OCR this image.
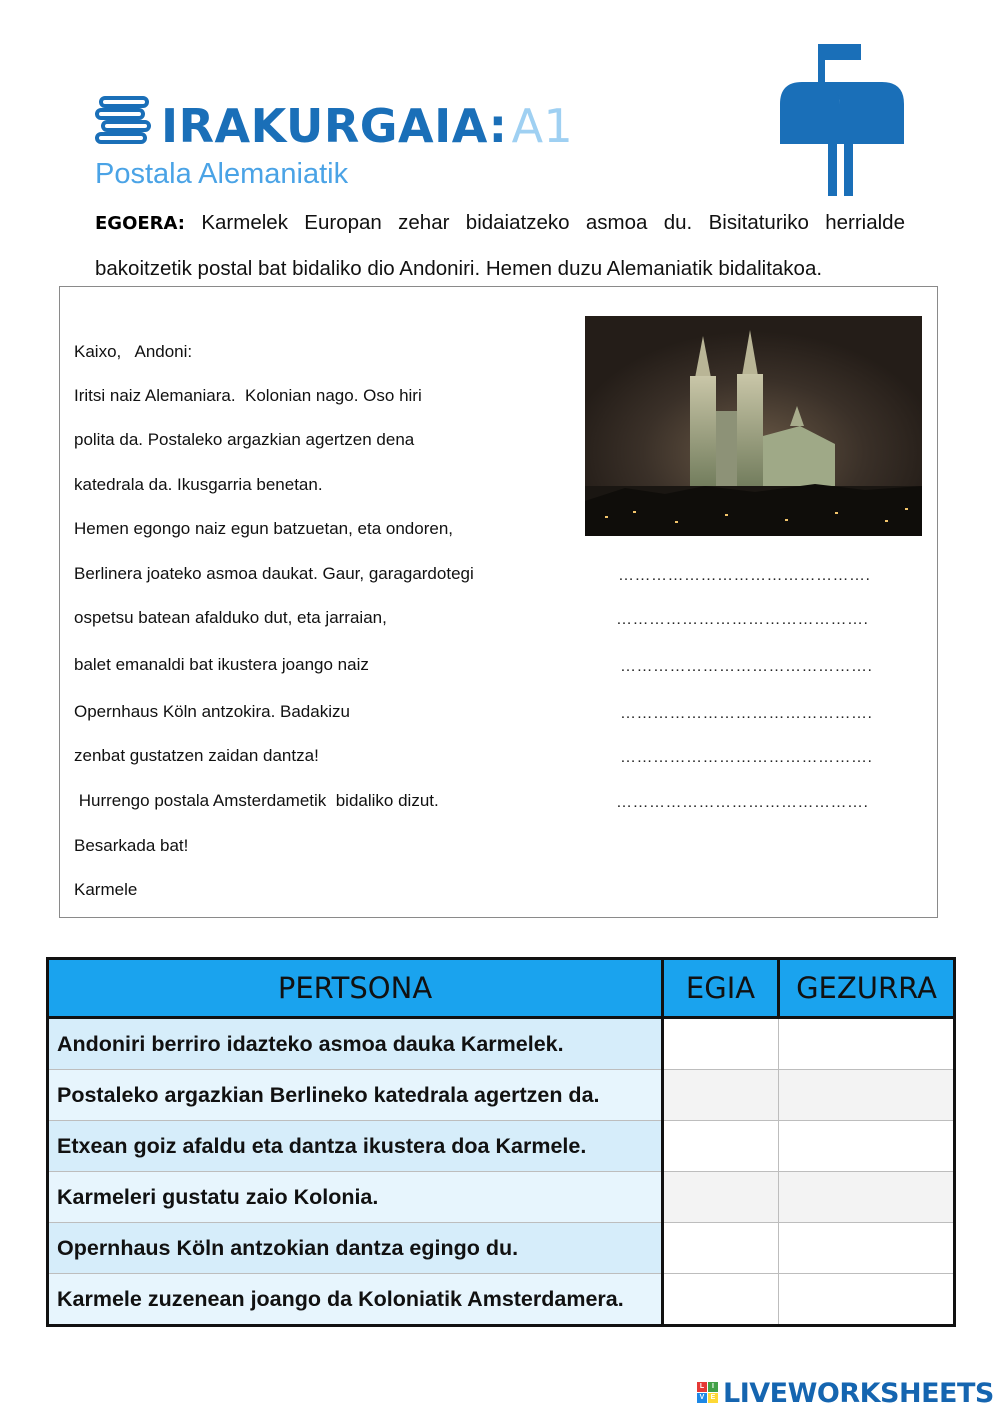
IRAKURGAIA:A1
Postala Alemaniatik
EGOERA: Karmelek Europan zehar bidaiatzeko asmoa du. Bisitaturiko herrialde bakoitzetik postal bat bidaliko dio Andoniri. Hemen duzu Alemaniatik bidalitakoa.
Kaixo,   Andoni:
Iritsi naiz Alemaniara.  Kolonian nago. Oso hiri
polita da. Postaleko argazkian agertzen dena
katedrala da. Ikusgarria benetan.
Hemen egongo naiz egun batzuetan, eta ondoren,
Berlinera joateko asmoa daukat. Gaur, garagardotegi
ospetsu batean afalduko dut, eta jarraian,
balet emanaldi bat ikustera joango naiz
Opernhaus Köln antzokira. Badakizu
zenbat gustatzen zaidan dantza!
Hurrengo postala Amsterdametik  bidaliko dizut.
Besarkada bat!
Karmele
……………………………………….
……………………………………….
……………………………………….
……………………………………….
……………………………………….
……………………………………….
PERTSONA	EGIA	GEZURRA
Andoniri berriro idazteko asmoa dauka Karmelek.		
Postaleko argazkian Berlineko katedrala agertzen da.		
Etxean goiz afaldu eta dantza ikustera doa Karmele.		
Karmeleri gustatu zaio Kolonia.		
Opernhaus Köln antzokian dantza egingo du.		
Karmele zuzenean joango da Koloniatik Amsterdamera.		
L	I
V E LIVEWORKSHEETS
